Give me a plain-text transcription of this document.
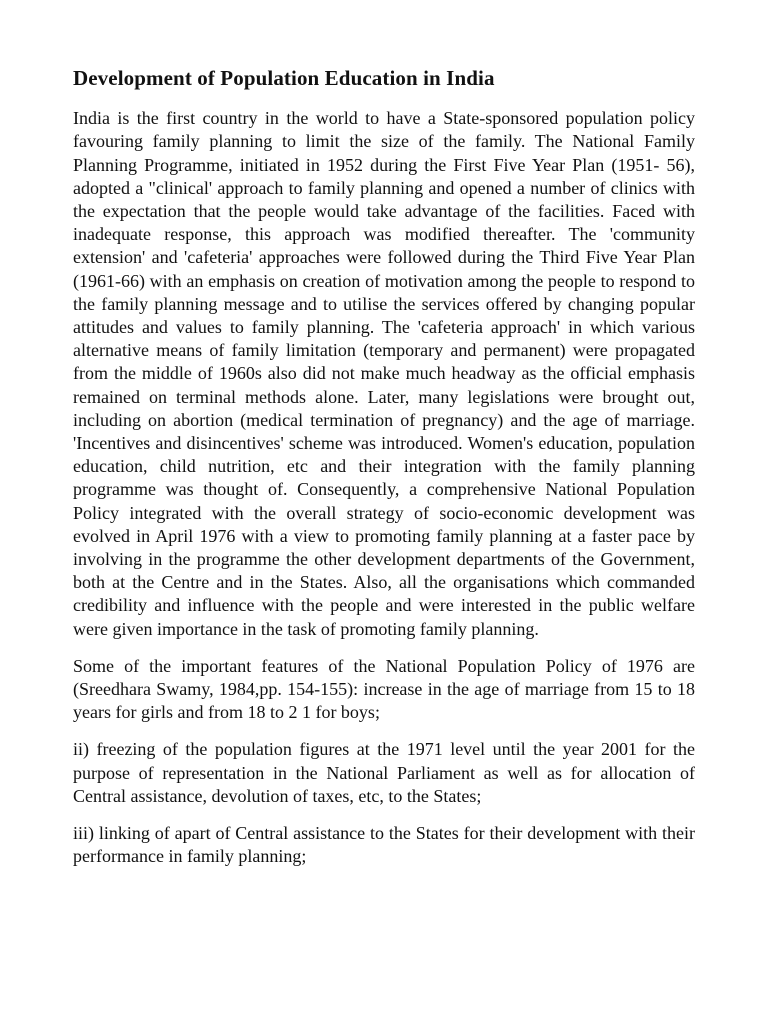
Development of Population Education in India

India is the first country in the world to have a State-sponsored population policy favouring family planning to limit the size of the family. The National Family Planning Programme, initiated in 1952 during the First Five Year Plan (1951- 56), adopted a "clinical' approach to family planning and opened a number of clinics with the expectation that the people would take advantage of the facilities. Faced with inadequate response, this approach was modified thereafter. The 'community extension' and 'cafeteria' approaches were followed during the Third Five Year Plan (1961-66) with an emphasis on creation of motivation among the people to respond to the family planning message and to utilise the services offered by changing popular attitudes and values to family planning. The 'cafeteria approach' in which various alternative means of family limitation (temporary and permanent) were propagated from the middle of 1960s also did not make much headway as the official emphasis remained on terminal methods alone. Later, many legislations were brought out, including on abortion (medical termination of pregnancy) and the age of marriage. 'Incentives and disincentives' scheme was introduced. Women's education, population education, child nutrition, etc and their integration with the family planning programme was thought of. Consequently, a comprehensive National Population Policy integrated with the overall strategy of socio-economic development was evolved in April 1976 with a view to promoting family planning at a faster pace by involving in the programme the other development departments of the Government, both at the Centre and in the States. Also, all the organisations which commanded credibility and influence with the people and were interested in the public welfare were given importance in the task of promoting family planning.

Some of the important features of the National Population Policy of 1976 are (Sreedhara Swamy, 1984,pp. 154-155): increase in the age of marriage from 15 to 18 years for girls and from 18 to 2 1 for boys;

ii) freezing of the population figures at the 1971 level until the year 2001 for the purpose of representation in the National Parliament as well as for allocation of Central assistance, devolution of taxes, etc, to the States;

iii) linking of apart of Central assistance to the States for their development with their performance in family planning;
